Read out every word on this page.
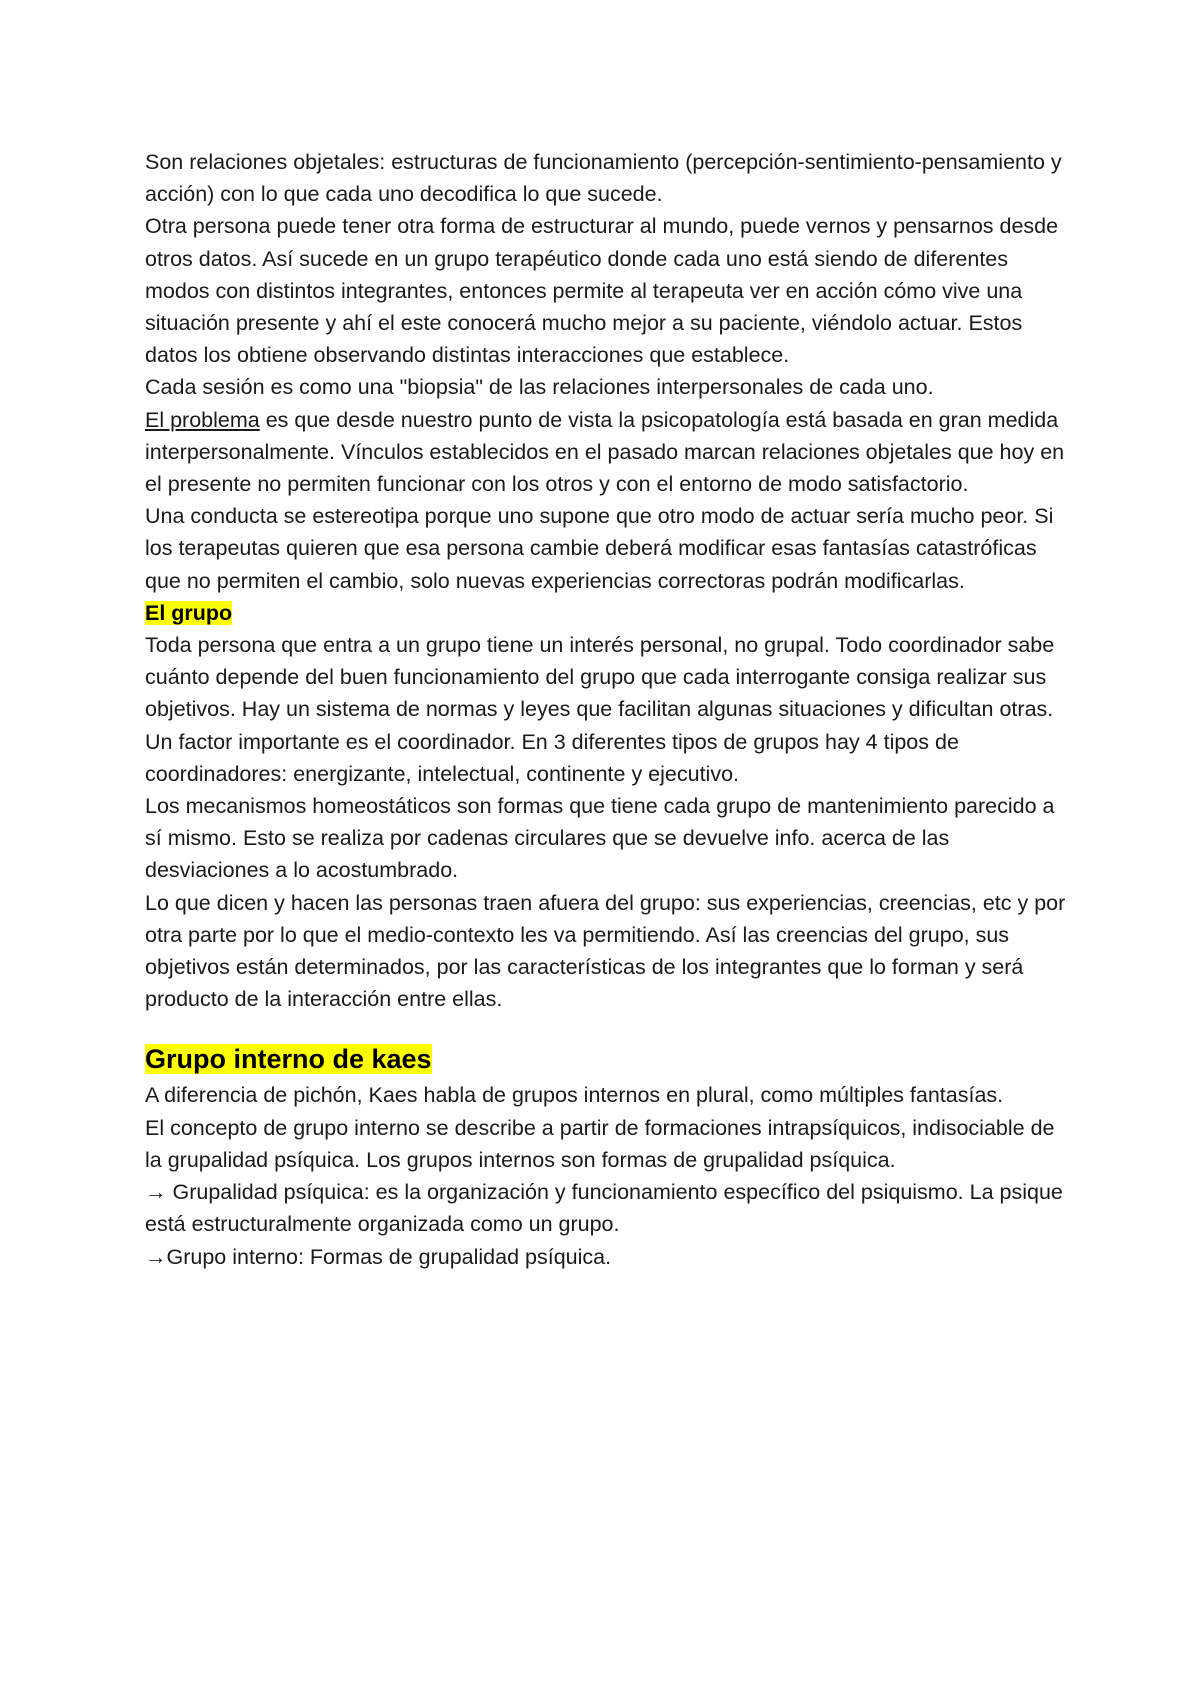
Son relaciones objetales: estructuras de funcionamiento (percepción-sentimiento-pensamiento y acción) con lo que cada uno decodifica lo que sucede.

Otra persona puede tener otra forma de estructurar al mundo, puede vernos y pensarnos desde otros datos. Así sucede en un grupo terapéutico donde cada uno está siendo de diferentes modos con distintos integrantes, entonces permite al terapeuta ver en acción cómo vive una situación presente y ahí el este conocerá mucho mejor a su paciente, viéndolo actuar. Estos datos los obtiene observando distintas interacciones que establece.

Cada sesión es como una "biopsia" de las relaciones interpersonales de cada uno.

El problema es que desde nuestro punto de vista la psicopatología está basada en gran medida interpersonalmente. Vínculos establecidos en el pasado marcan relaciones objetales que hoy en el presente no permiten funcionar con los otros y con el entorno de modo satisfactorio.

Una conducta se estereotipa porque uno supone que otro modo de actuar sería mucho peor. Si los terapeutas quieren que esa persona cambie deberá modificar esas fantasías catastróficas que no permiten el cambio, solo nuevas experiencias correctoras podrán modificarlas.

El grupo

Toda persona que entra a un grupo tiene un interés personal, no grupal. Todo coordinador sabe cuánto depende del buen funcionamiento del grupo que cada interrogante consiga realizar sus objetivos. Hay un sistema de normas y leyes que facilitan algunas situaciones y dificultan otras.

Un factor importante es el coordinador. En 3 diferentes tipos de grupos hay 4 tipos de coordinadores: energizante, intelectual, continente y ejecutivo.

Los mecanismos homeostáticos son formas que tiene cada grupo de mantenimiento parecido a sí mismo. Esto se realiza por cadenas circulares que se devuelve info. acerca de las desviaciones a lo acostumbrado.

Lo que dicen y hacen las personas traen afuera del grupo: sus experiencias, creencias, etc y por otra parte por lo que el medio-contexto les va permitiendo. Así las creencias del grupo, sus objetivos están determinados, por las características de los integrantes que lo forman y será producto de la interacción entre ellas.

Grupo interno de kaes

A diferencia de pichón, Kaes habla de grupos internos en plural, como múltiples fantasías.

El concepto de grupo interno se describe a partir de formaciones intrapsíquicos, indisociable de la grupalidad psíquica. Los grupos internos son formas de grupalidad psíquica.

→ Grupalidad psíquica: es la organización y funcionamiento específico del psiquismo. La psique está estructuralmente organizada como un grupo.

→Grupo interno: Formas de grupalidad psíquica.
